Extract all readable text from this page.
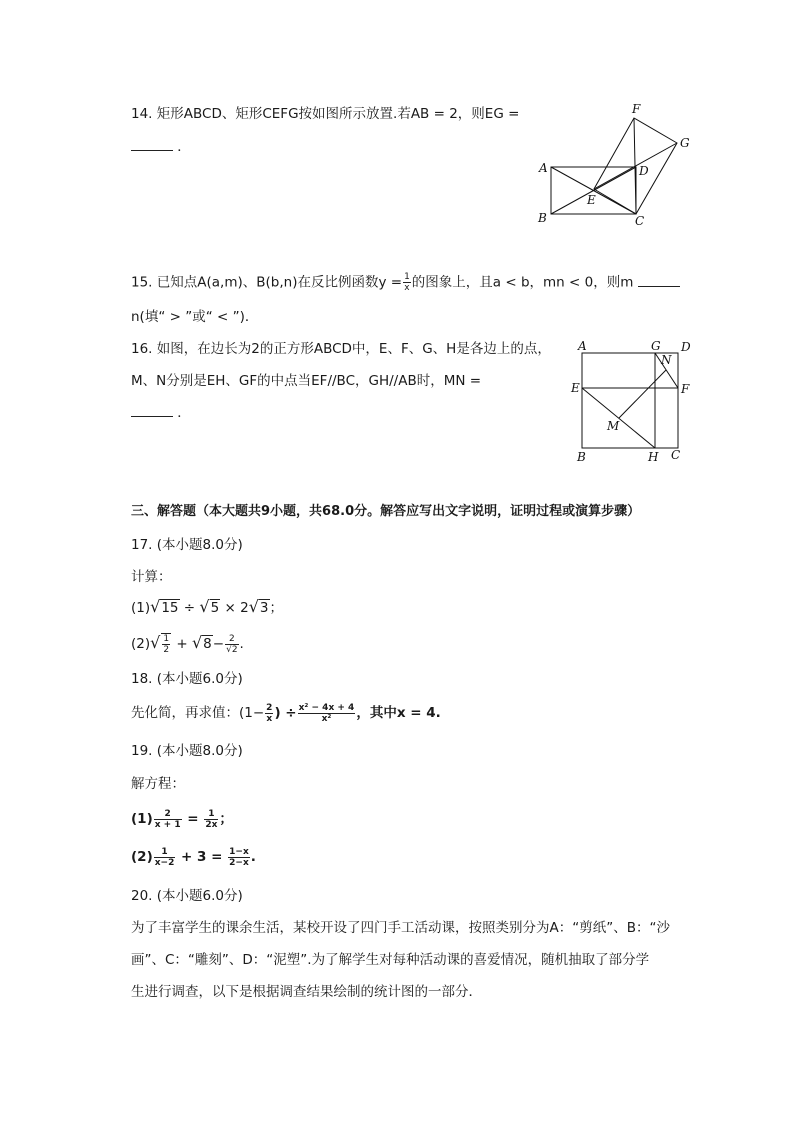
14. 矩形ABCD、矩形CEFG按如图所示放置.若AB = 2，则EG =
．
A
B	C
D
E
F
G
15. 已知点A(a,m)、B(b,n)在反比例函数$y = \frac{1}{x}$ 的图象上，且a < b，mn < 0，则m
n(填“ > ”或“ < ”)．
16. 如图，在边长为2的正方形ABCD中，E、F、G、H是各边上的点，
M、N分别是EH、GF的中点当EF//BC，GH//AB时，MN =
．
A
B	C
D
E	F
G
H
M
N
三、解答题（本大题共9小题，共68.0分。解答应写出文字说明，证明过程或演算步骤）
17. (本小题8.0分)
计算：
(1)√15 ÷ √5 × 2√3；
$(2)√ \frac{1}{2} + √8- \frac{2}{√2}$ .
18. (本小题6.0分)
先化简，再求值：($1- \frac{2}{x}$ ) ÷ $\frac{\text{x² − 4x + 4}}{\text{x²}}$ ，其中x = 4.
19. (本小题8.0分)
解方程：
$(1) \frac{2}{x + 1} = \frac{1}{2x}$ ；
$(2) \frac{1}{x-2} + 3 = \frac{1-x}{2-x}$ .
20. (本小题6.0分)
为了丰富学生的课余生活，某校开设了四门手工活动课，按照类别分为A：“剪纸”、B：“沙
画”、C：“雕刻”、D：“泥塑”.为了解学生对每种活动课的喜爱情况，随机抽取了部分学
生进行调查，以下是根据调查结果绘制的统计图的一部分．
